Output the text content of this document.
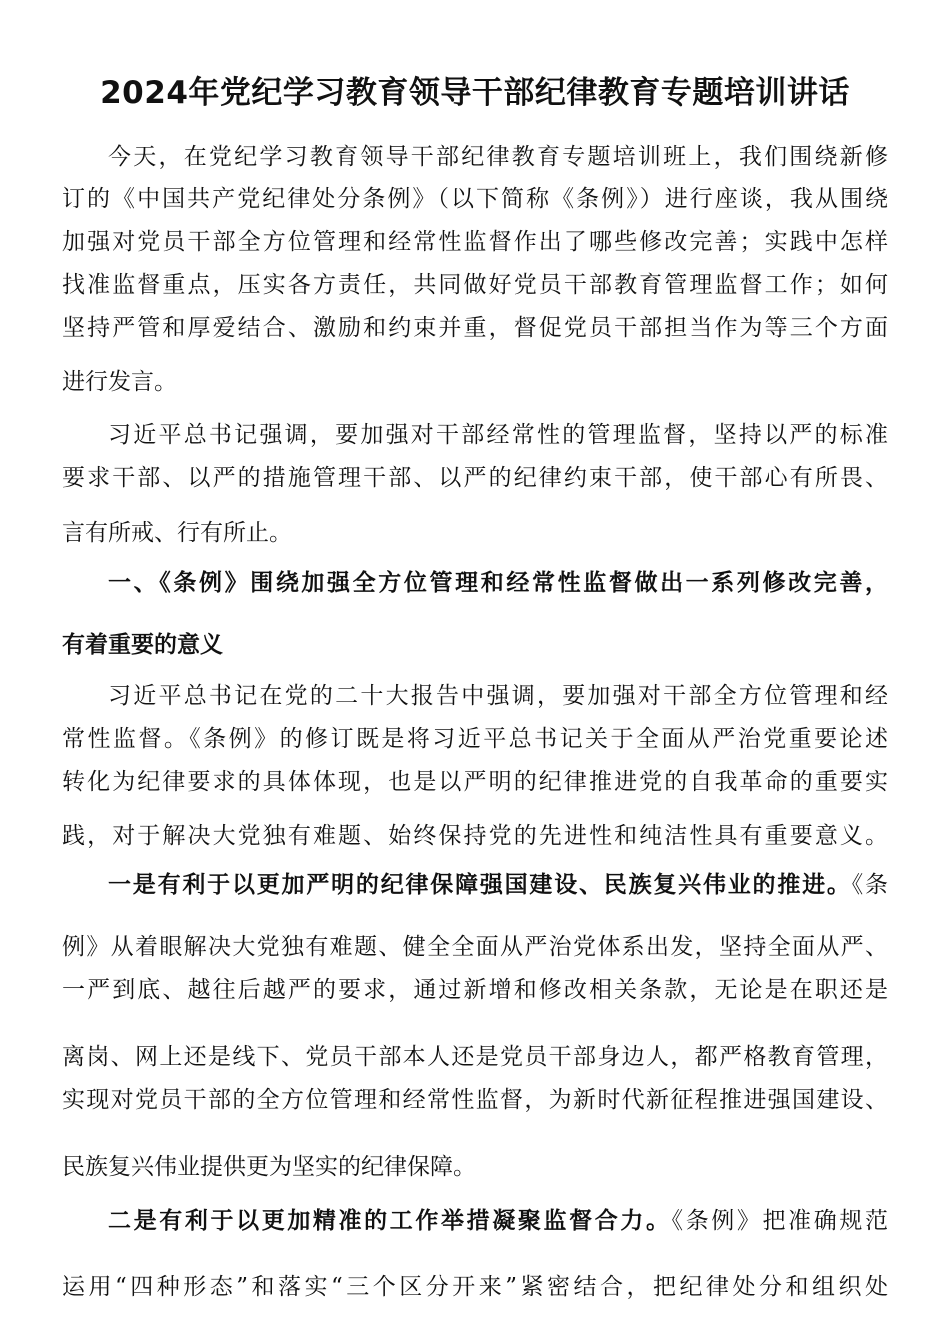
2024年党纪学习教育领导干部纪律教育专题培训讲话
今天，在党纪学习教育领导干部纪律教育专题培训班上，我们围绕新修
订的《中国共产党纪律处分条例》（以下简称《条例》）进行座谈，我从围绕
加强对党员干部全方位管理和经常性监督作出了哪些修改完善；实践中怎样
找准监督重点，压实各方责任，共同做好党员干部教育管理监督工作；如何
坚持严管和厚爱结合、激励和约束并重，督促党员干部担当作为等三个方面
进行发言。
习近平总书记强调，要加强对干部经常性的管理监督，坚持以严的标准
要求干部、以严的措施管理干部、以严的纪律约束干部，使干部心有所畏、
言有所戒、行有所止。
一、《条例》围绕加强全方位管理和经常性监督做出一系列修改完善，
有着重要的意义
习近平总书记在党的二十大报告中强调，要加强对干部全方位管理和经
常性监督。《条例》的修订既是将习近平总书记关于全面从严治党重要论述
转化为纪律要求的具体体现，也是以严明的纪律推进党的自我革命的重要实
践，对于解决大党独有难题、始终保持党的先进性和纯洁性具有重要意义。
一是有利于以更加严明的纪律保障强国建设、民族复兴伟业的推进。《条
例》从着眼解决大党独有难题、健全全面从严治党体系出发，坚持全面从严、
一严到底、越往后越严的要求，通过新增和修改相关条款，无论是在职还是
离岗、网上还是线下、党员干部本人还是党员干部身边人，都严格教育管理，
实现对党员干部的全方位管理和经常性监督，为新时代新征程推进强国建设、
民族复兴伟业提供更为坚实的纪律保障。
二是有利于以更加精准的工作举措凝聚监督合力。《条例》把准确规范
运用“四种形态”和落实“三个区分开来”紧密结合，把纪律处分和组织处
